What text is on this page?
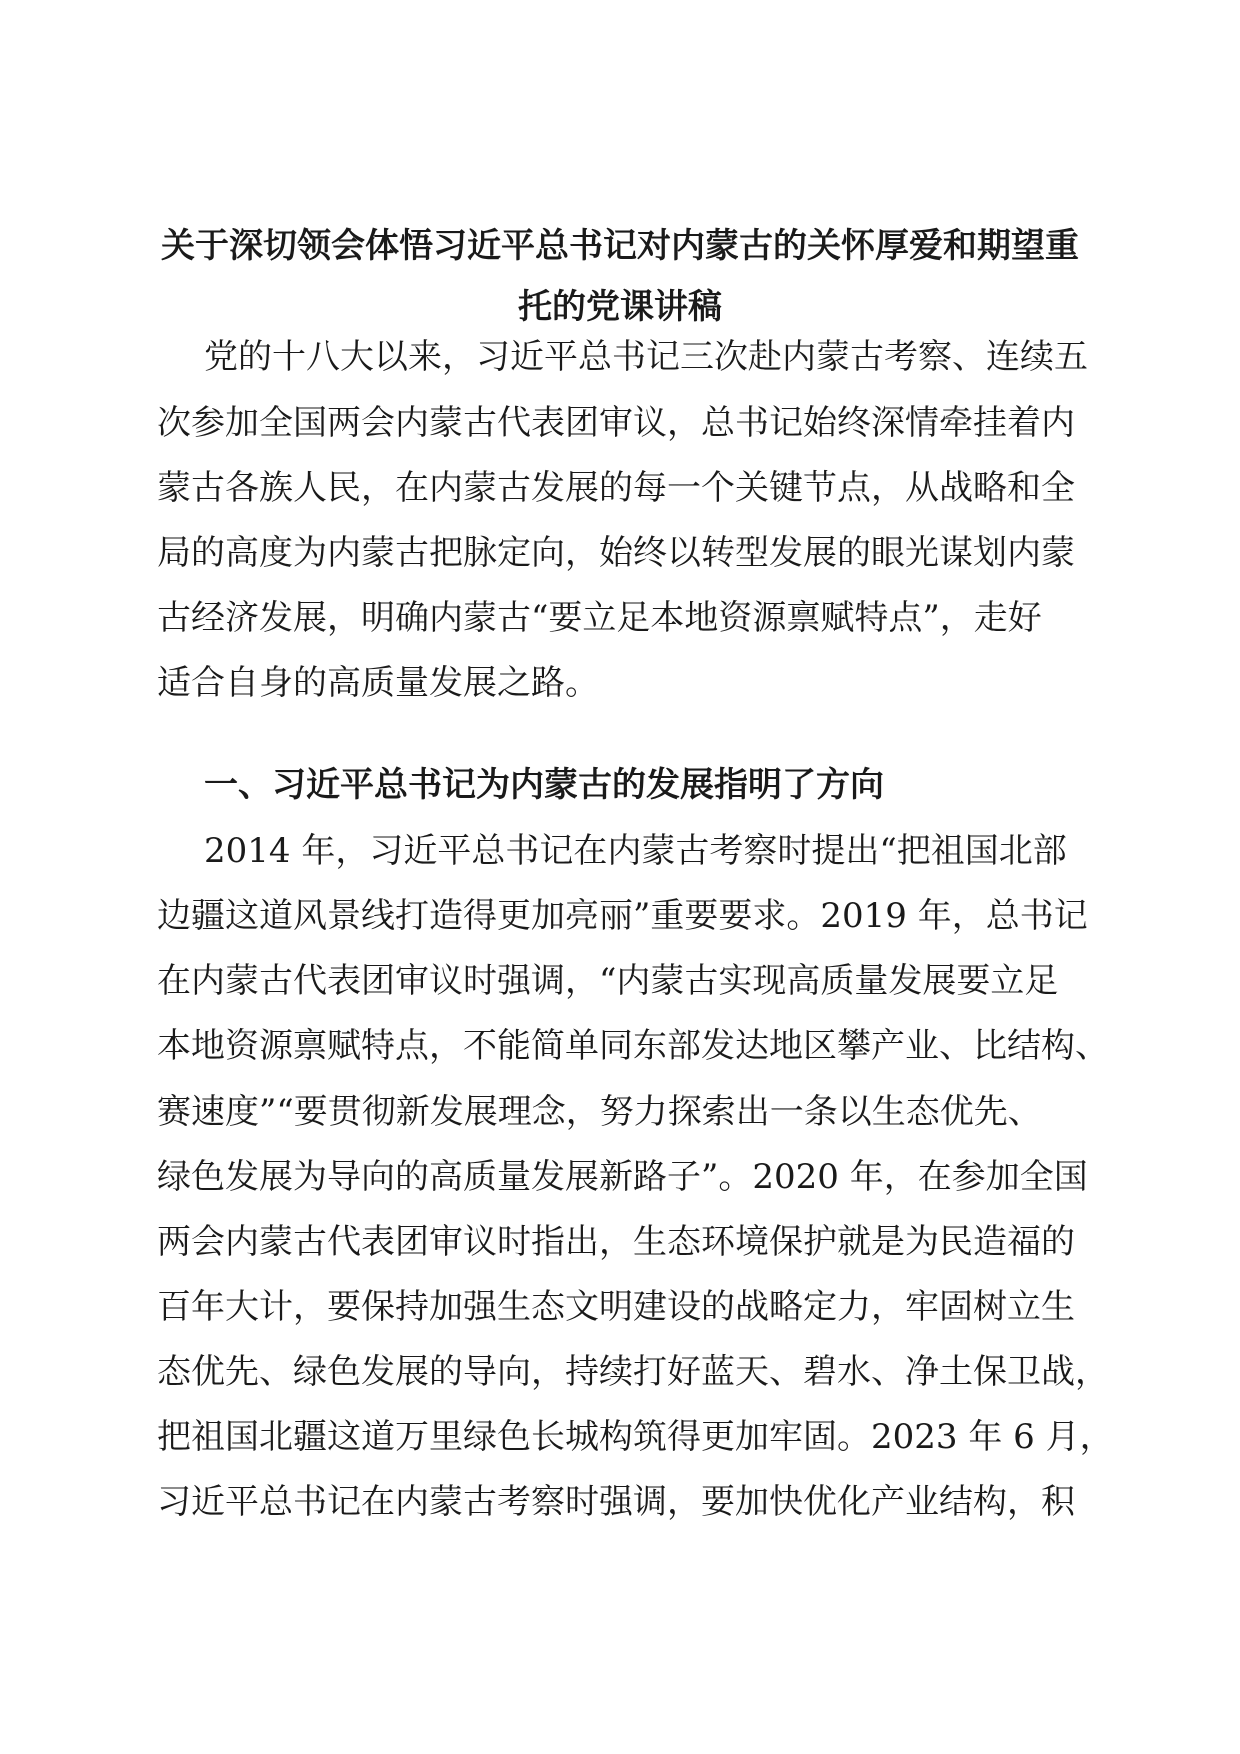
关于深切领会体悟习近平总书记对内蒙古的关怀厚爱和期望重
托的党课讲稿
党的十八大以来，习近平总书记三次赴内蒙古考察、连续五
次参加全国两会内蒙古代表团审议，总书记始终深情牵挂着内
蒙古各族人民，在内蒙古发展的每一个关键节点，从战略和全
局的高度为内蒙古把脉定向，始终以转型发展的眼光谋划内蒙
古经济发展，明确内蒙古“要立足本地资源禀赋特点”，走好
适合自身的高质量发展之路。
一、习近平总书记为内蒙古的发展指明了方向
2014 年，习近平总书记在内蒙古考察时提出“把祖国北部
边疆这道风景线打造得更加亮丽”重要要求。2019 年，总书记
在内蒙古代表团审议时强调，“内蒙古实现高质量发展要立足
本地资源禀赋特点，不能简单同东部发达地区攀产业、比结构、
赛速度”“要贯彻新发展理念，努力探索出一条以生态优先、
绿色发展为导向的高质量发展新路子”。2020 年，在参加全国
两会内蒙古代表团审议时指出，生态环境保护就是为民造福的
百年大计，要保持加强生态文明建设的战略定力，牢固树立生
态优先、绿色发展的导向，持续打好蓝天、碧水、净土保卫战，
把祖国北疆这道万里绿色长城构筑得更加牢固。2023 年 6 月，
习近平总书记在内蒙古考察时强调，要加快优化产业结构，积
